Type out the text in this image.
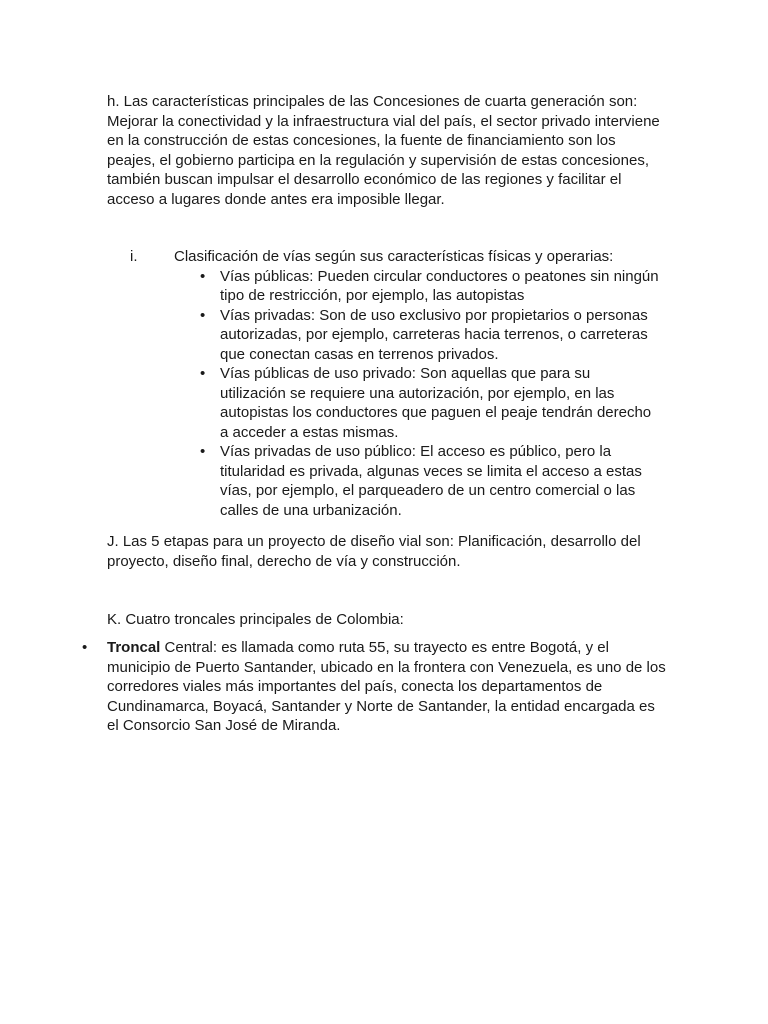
h. Las características principales de las Concesiones de cuarta generación son: Mejorar la conectividad y la infraestructura vial del país, el sector privado interviene en la construcción de estas concesiones, la fuente de financiamiento son los peajes, el gobierno participa en la regulación y supervisión de estas concesiones, también buscan impulsar el desarrollo económico de las regiones y facilitar el acceso a lugares donde antes era imposible llegar.

i. Clasificación de vías según sus características físicas y operarias:
• Vías públicas: Pueden circular conductores o peatones sin ningún tipo de restricción, por ejemplo, las autopistas
• Vías privadas: Son de uso exclusivo por propietarios o personas autorizadas, por ejemplo, carreteras hacia terrenos, o carreteras que conectan casas en terrenos privados.
• Vías públicas de uso privado: Son aquellas que para su utilización se requiere una autorización, por ejemplo, en las autopistas los conductores que paguen el peaje tendrán derecho a acceder a estas mismas.
• Vías privadas de uso público: El acceso es público, pero la titularidad es privada, algunas veces se limita el acceso a estas vías, por ejemplo, el parqueadero de un centro comercial o las calles de una urbanización.

J. Las 5 etapas para un proyecto de diseño vial son: Planificación, desarrollo del proyecto, diseño final, derecho de vía y construcción.

K. Cuatro troncales principales de Colombia:

• Troncal Central: es llamada como ruta 55, su trayecto es entre Bogotá, y el municipio de Puerto Santander, ubicado en la frontera con Venezuela, es uno de los corredores viales más importantes del país, conecta los departamentos de Cundinamarca, Boyacá, Santander y Norte de Santander, la entidad encargada es el Consorcio San José de Miranda.
